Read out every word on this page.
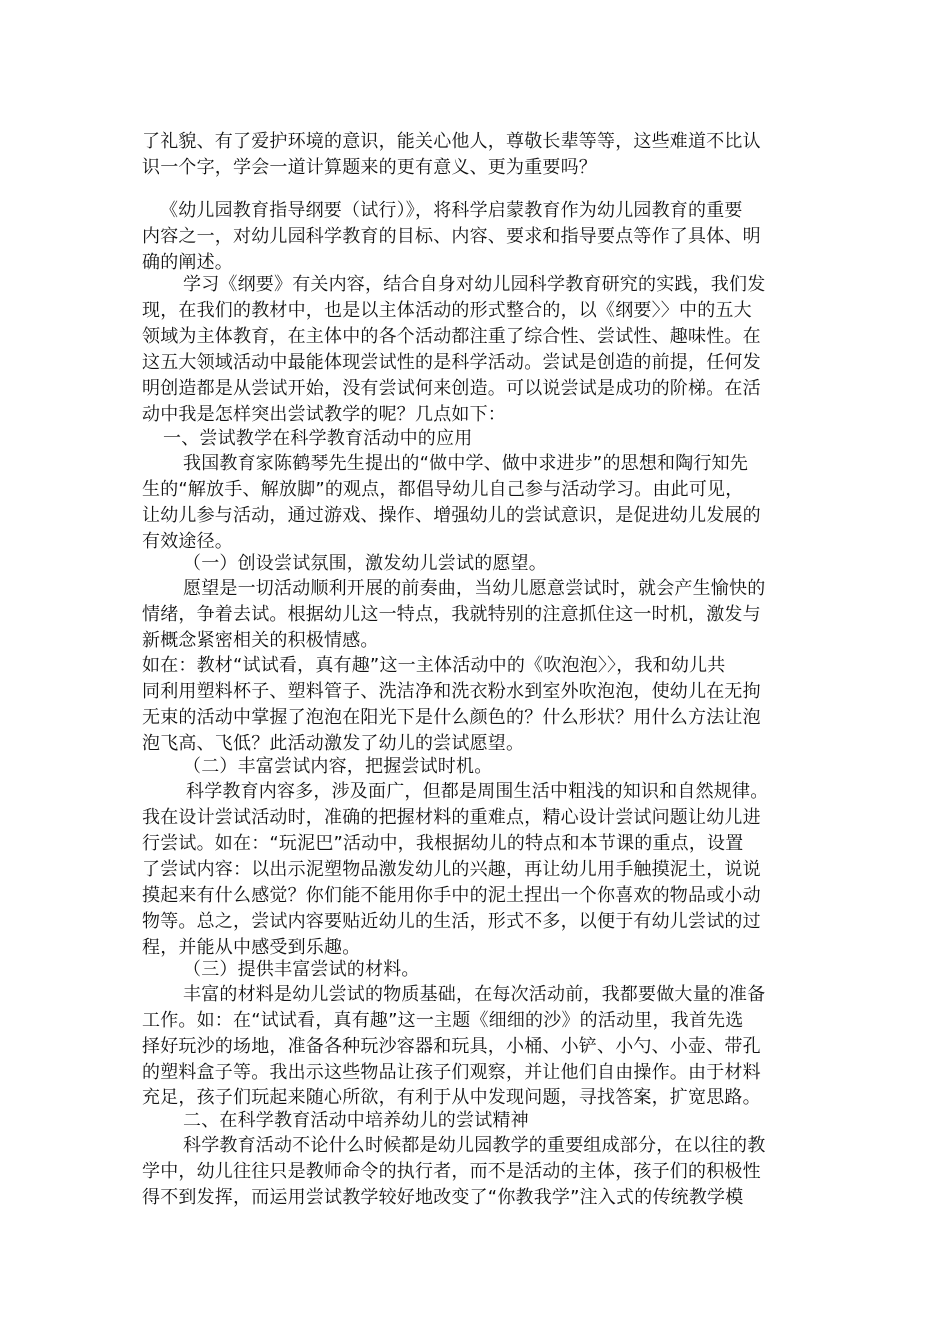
了礼貌、有了爱护环境的意识，能关心他人，尊敬长辈等等，这些难道不比认
识一个字，学会一道计算题来的更有意义、更为重要吗？
《幼儿园教育指导纲要（试行）》，将科学启蒙教育作为幼儿园教育的重要
内容之一，对幼儿园科学教育的目标、内容、要求和指导要点等作了具体、明
确的阐述。
学习《纲要》有关内容，结合自身对幼儿园科学教育研究的实践，我们发
现，在我们的教材中，也是以主体活动的形式整合的，以《纲要〉〉中的五大
领域为主体教育，在主体中的各个活动都注重了综合性、尝试性、趣味性。在
这五大领域活动中最能体现尝试性的是科学活动。尝试是创造的前提，任何发
明创造都是从尝试开始，没有尝试何来创造。可以说尝试是成功的阶梯。在活
动中我是怎样突出尝试教学的呢？几点如下：
一、尝试教学在科学教育活动中的应用
我国教育家陈鹤琴先生提出的“做中学、做中求进步”的思想和陶行知先
生的“解放手、解放脚”的观点，都倡导幼儿自己参与活动学习。由此可见，
让幼儿参与活动，通过游戏、操作、增强幼儿的尝试意识，是促进幼儿发展的
有效途径。
（一）创设尝试氛围，激发幼儿尝试的愿望。
愿望是一切活动顺利开展的前奏曲，当幼儿愿意尝试时，就会产生愉快的
情绪，争着去试。根据幼儿这一特点，我就特别的注意抓住这一时机，激发与
新概念紧密相关的积极情感。
如在：教材“试试看，真有趣”这一主体活动中的《吹泡泡〉〉，我和幼儿共
同利用塑料杯子、塑料管子、洗洁净和洗衣粉水到室外吹泡泡，使幼儿在无拘
无束的活动中掌握了泡泡在阳光下是什么颜色的？什么形状？用什么方法让泡
泡飞高、飞低？此活动激发了幼儿的尝试愿望。
（二）丰富尝试内容，把握尝试时机。
科学教育内容多，涉及面广，但都是周围生活中粗浅的知识和自然规律。
我在设计尝试活动时，准确的把握材料的重难点，精心设计尝试问题让幼儿进
行尝试。如在：“玩泥巴”活动中，我根据幼儿的特点和本节课的重点，设置
了尝试内容：以出示泥塑物品激发幼儿的兴趣，再让幼儿用手触摸泥土，说说
摸起来有什么感觉？你们能不能用你手中的泥土捏出一个你喜欢的物品或小动
物等。总之，尝试内容要贴近幼儿的生活，形式不多，以便于有幼儿尝试的过
程，并能从中感受到乐趣。
（三）提供丰富尝试的材料。
丰富的材料是幼儿尝试的物质基础，在每次活动前，我都要做大量的准备
工作。如：在“试试看，真有趣”这一主题《细细的沙》的活动里，我首先选
择好玩沙的场地，准备各种玩沙容器和玩具，小桶、小铲、小勺、小壶、带孔
的塑料盒子等。我出示这些物品让孩子们观察，并让他们自由操作。由于材料
充足，孩子们玩起来随心所欲，有利于从中发现问题，寻找答案，扩宽思路。
二、在科学教育活动中培养幼儿的尝试精神
科学教育活动不论什么时候都是幼儿园教学的重要组成部分，在以往的教
学中，幼儿往往只是教师命令的执行者，而不是活动的主体，孩子们的积极性
得不到发挥，而运用尝试教学较好地改变了“你教我学”注入式的传统教学模
